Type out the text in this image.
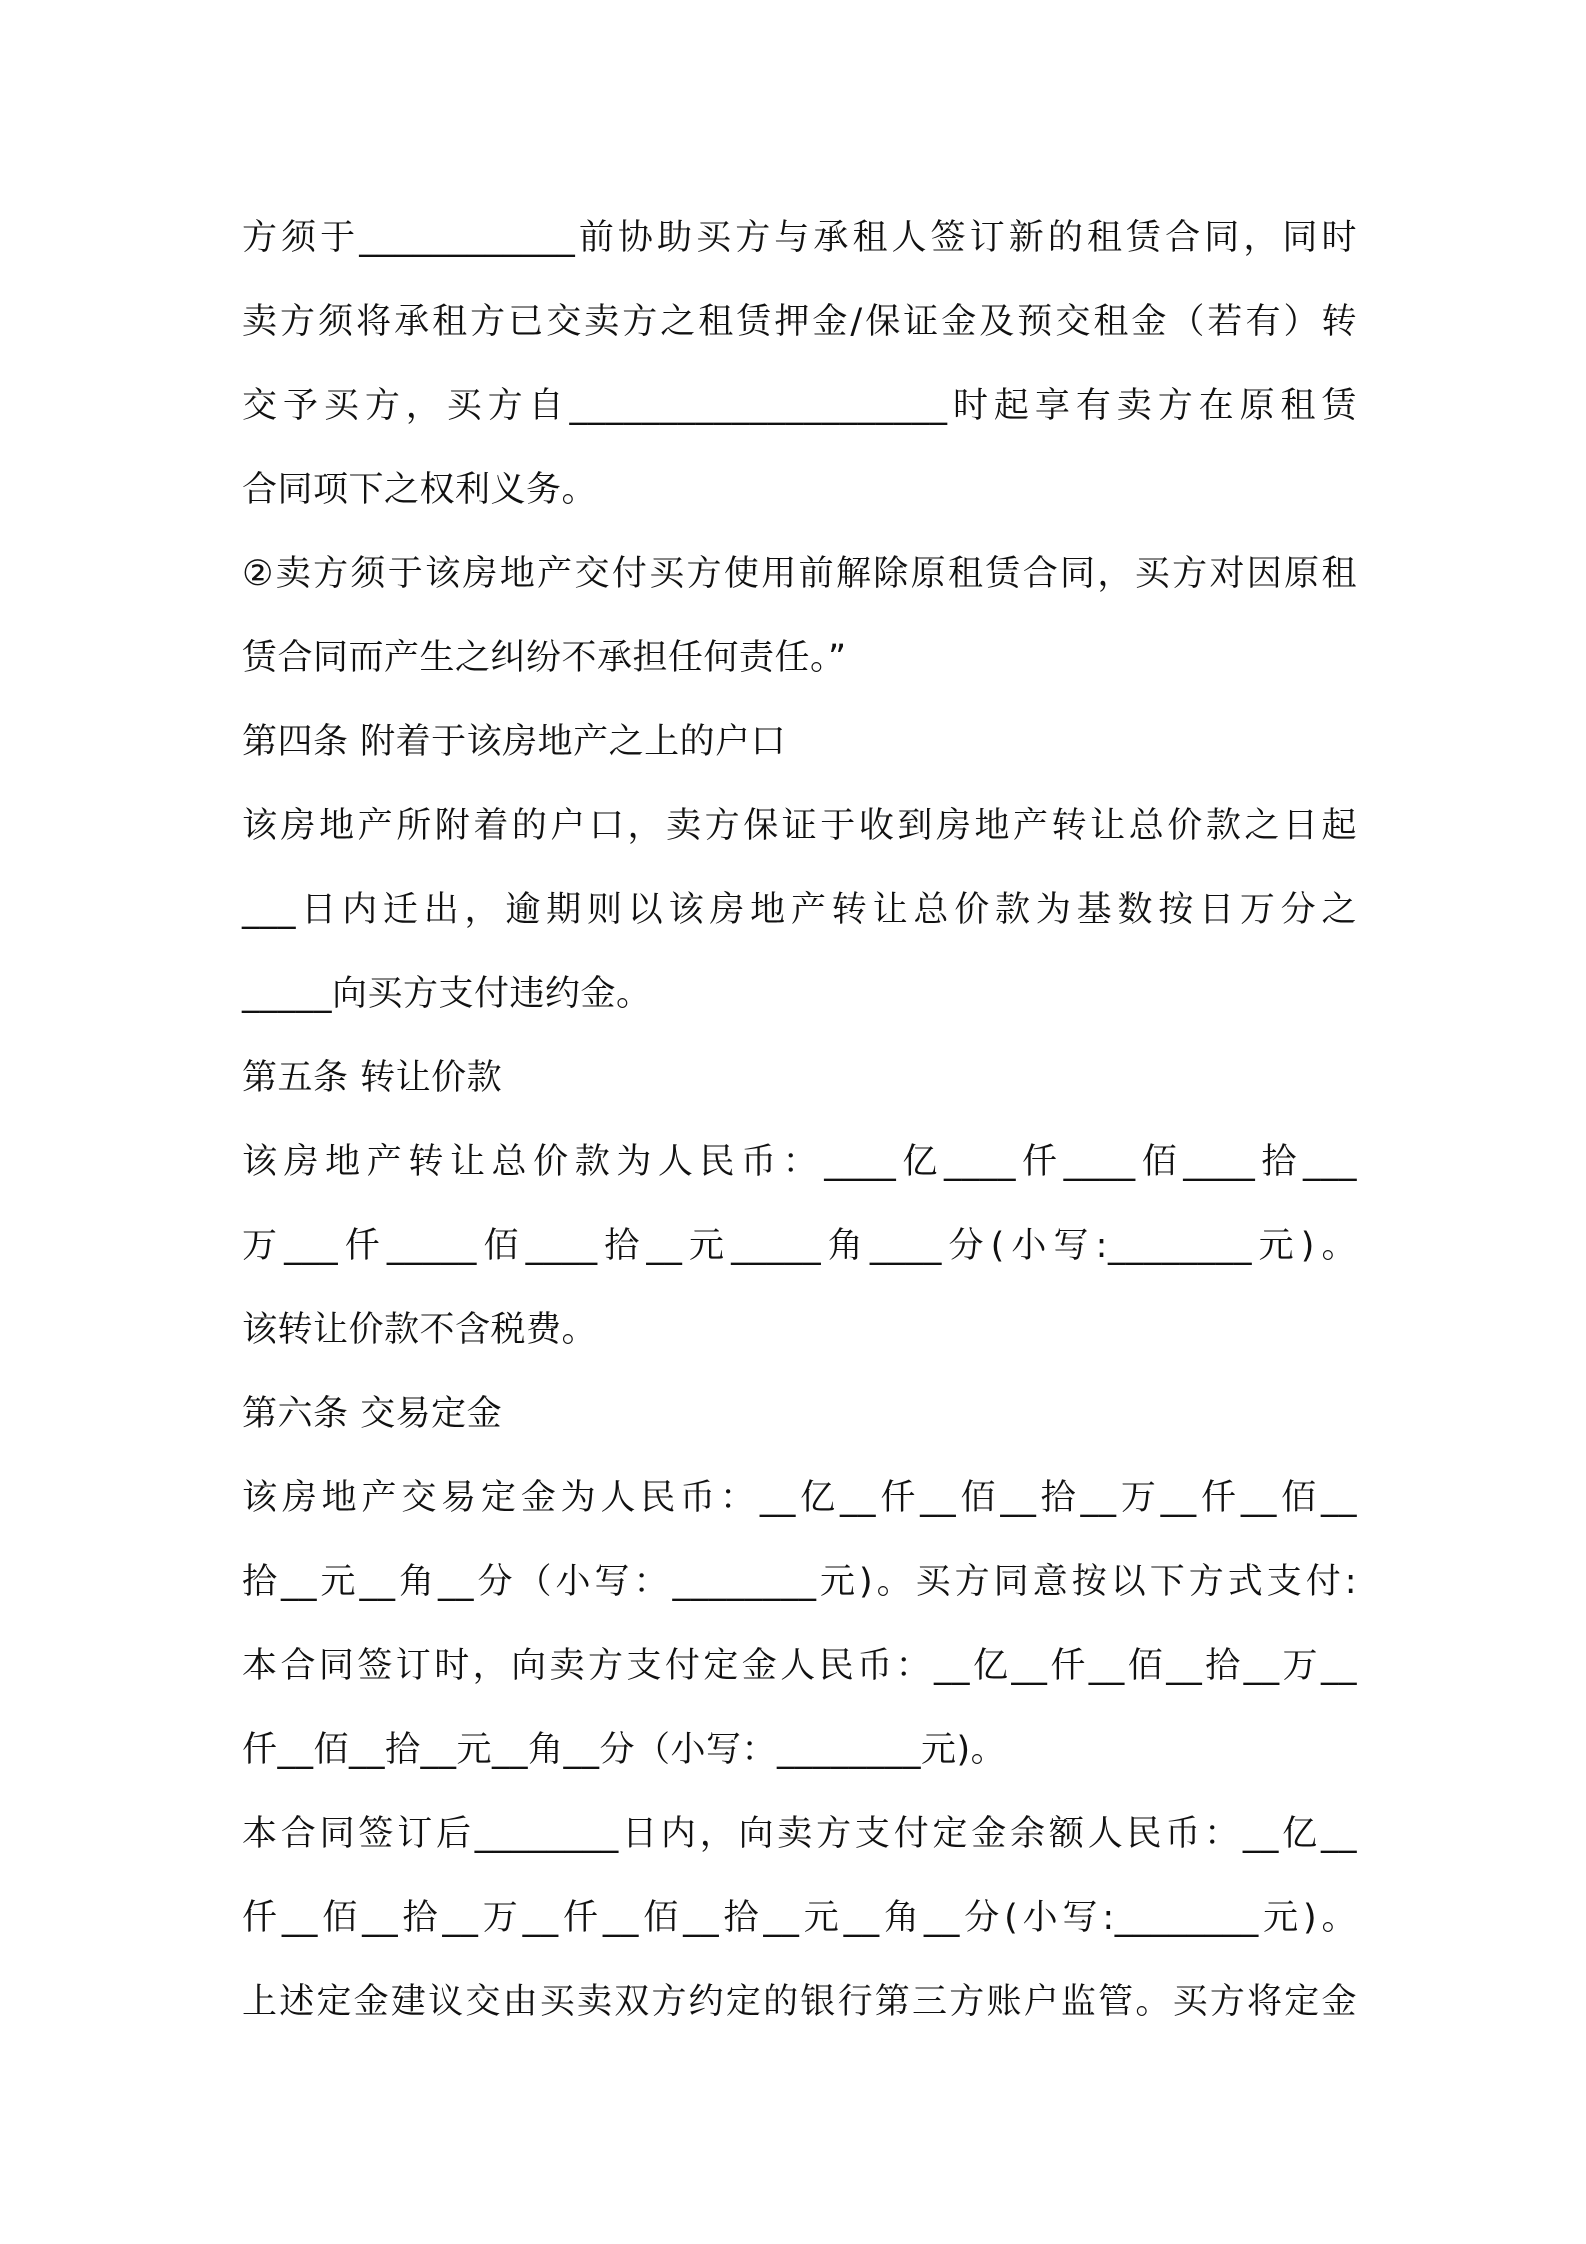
方须于____________前协助买方与承租人签订新的租赁合同，同时
卖方须将承租方已交卖方之租赁押金/保证金及预交租金（若有）转
交予买方，买方自_____________________时起享有卖方在原租赁
合同项下之权利义务。
②卖方须于该房地产交付买方使用前解除原租赁合同，买方对因原租
赁合同而产生之纠纷不承担任何责任。”
第四条 附着于该房地产之上的户口
该房地产所附着的户口，卖方保证于收到房地产转让总价款之日起
___日内迁出，逾期则以该房地产转让总价款为基数按日万分之
_____向买方支付违约金。
第五条 转让价款
该房地产转让总价款为人民币：____亿____仟____佰____拾___
万___仟_____佰____拾__元_____角____分(小写:________元)。
该转让价款不含税费。
第六条 交易定金
该房地产交易定金为人民币：__亿__仟__佰__拾__万__仟__佰__
拾__元__角__分（小写：________元)。买方同意按以下方式支付:
本合同签订时，向卖方支付定金人民币：__亿__仟__佰__拾__万__
仟__佰__拾__元__角__分（小写：________元)。
本合同签订后________日内，向卖方支付定金余额人民币：__亿__
仟__佰__拾__万__仟__佰__拾__元__角__分(小写:________元)。
上述定金建议交由买卖双方约定的银行第三方账户监管。买方将定金
